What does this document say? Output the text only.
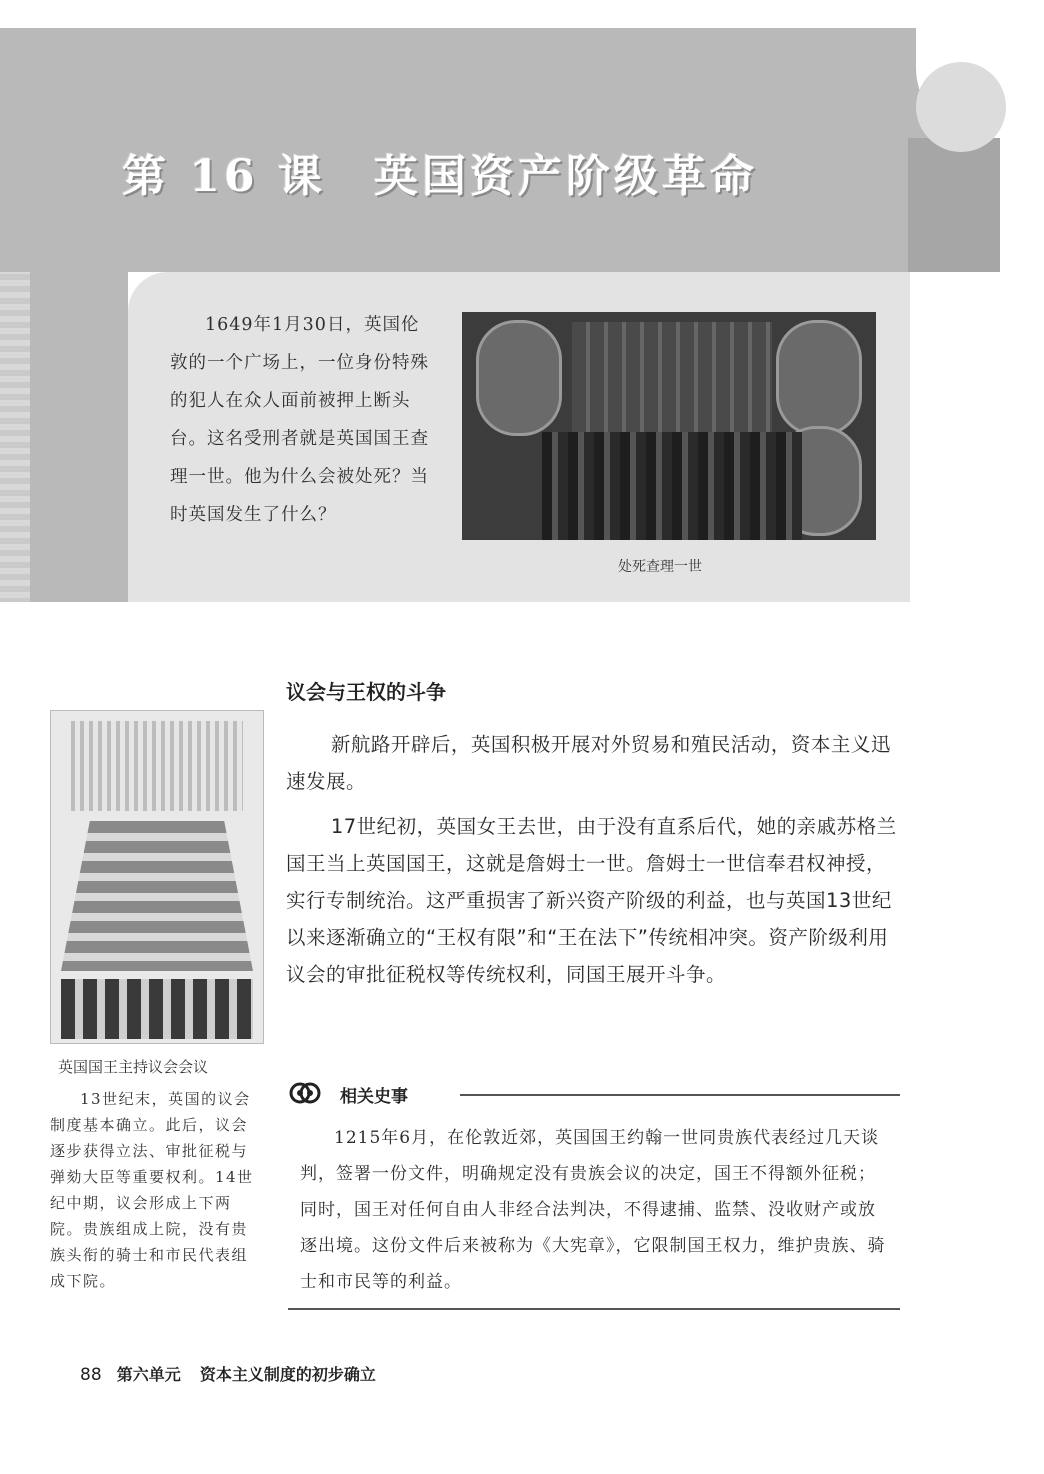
第 16 课　英国资产阶级革命
1649年1月30日，英国伦敦的一个广场上，一位身份特殊的犯人在众人面前被押上断头台。这名受刑者就是英国国王查理一世。他为什么会被处死？当时英国发生了什么？
处死查理一世
议会与王权的斗争
新航路开辟后，英国积极开展对外贸易和殖民活动，资本主义迅速发展。
17世纪初，英国女王去世，由于没有直系后代，她的亲戚苏格兰国王当上英国国王，这就是詹姆士一世。詹姆士一世信奉君权神授，实行专制统治。这严重损害了新兴资产阶级的利益，也与英国13世纪以来逐渐确立的“王权有限”和“王在法下”传统相冲突。资产阶级利用议会的审批征税权等传统权利，同国王展开斗争。
英国国王主持议会会议
13世纪末，英国的议会制度基本确立。此后，议会逐步获得立法、审批征税与弹劾大臣等重要权利。14世纪中期，议会形成上下两院。贵族组成上院，没有贵族头衔的骑士和市民代表组成下院。
相关史事
1215年6月，在伦敦近郊，英国国王约翰一世同贵族代表经过几天谈判，签署一份文件，明确规定没有贵族会议的决定，国王不得额外征税；同时，国王对任何自由人非经合法判决，不得逮捕、监禁、没收财产或放逐出境。这份文件后来被称为《大宪章》，它限制国王权力，维护贵族、骑士和市民等的利益。
88 第六单元 资本主义制度的初步确立
